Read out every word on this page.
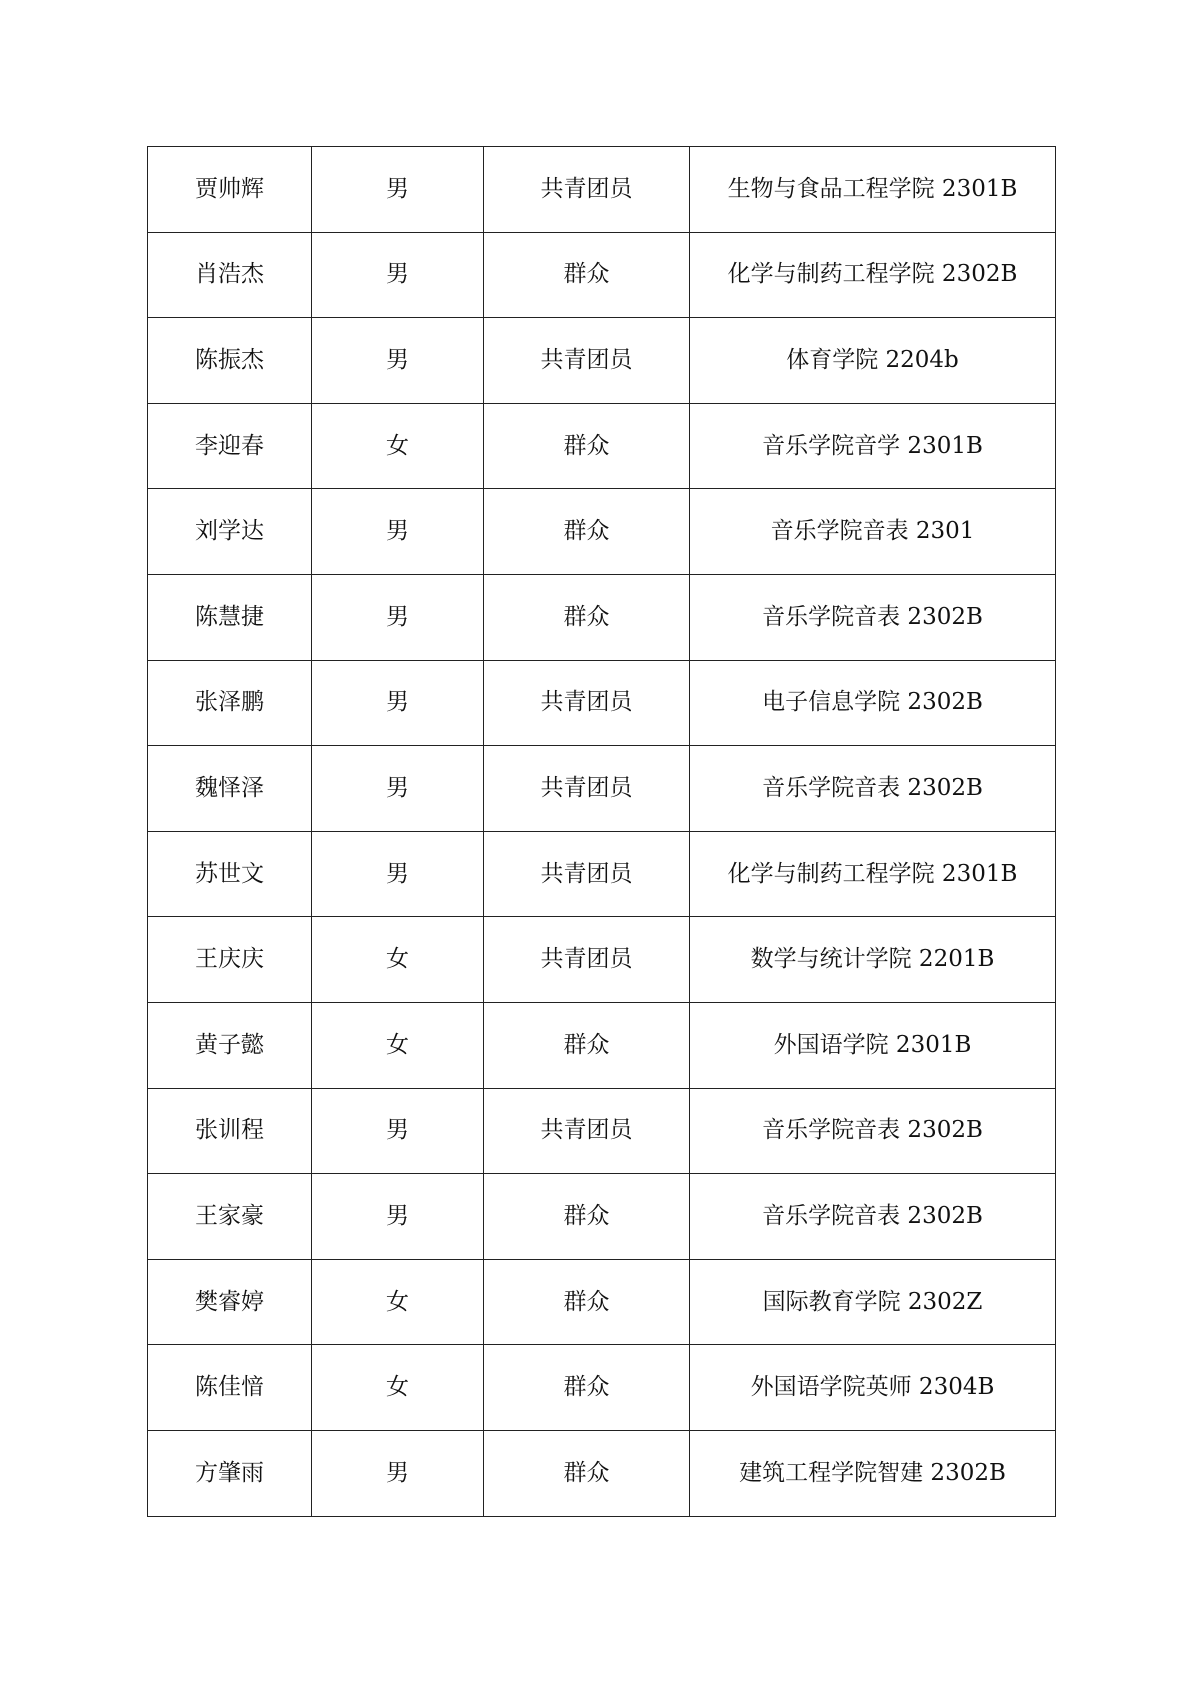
贾帅辉	男	共青团员	生物与食品工程学院 2301B
肖浩杰	男	群众	化学与制药工程学院 2302B
陈振杰	男	共青团员	体育学院 2204b
李迎春	女	群众	音乐学院音学 2301B
刘学达	男	群众	音乐学院音表 2301
陈慧捷	男	群众	音乐学院音表 2302B
张泽鹏	男	共青团员	电子信息学院 2302B
魏怿泽	男	共青团员	音乐学院音表 2302B
苏世文	男	共青团员	化学与制药工程学院 2301B
王庆庆	女	共青团员	数学与统计学院 2201B
黄子懿	女	群众	外国语学院 2301B
张训程	男	共青团员	音乐学院音表 2302B
王家豪	男	群众	音乐学院音表 2302B
樊睿婷	女	群众	国际教育学院 2302Z
陈佳愔	女	群众	外国语学院英师 2304B
方肇雨	男	群众	建筑工程学院智建 2302B
